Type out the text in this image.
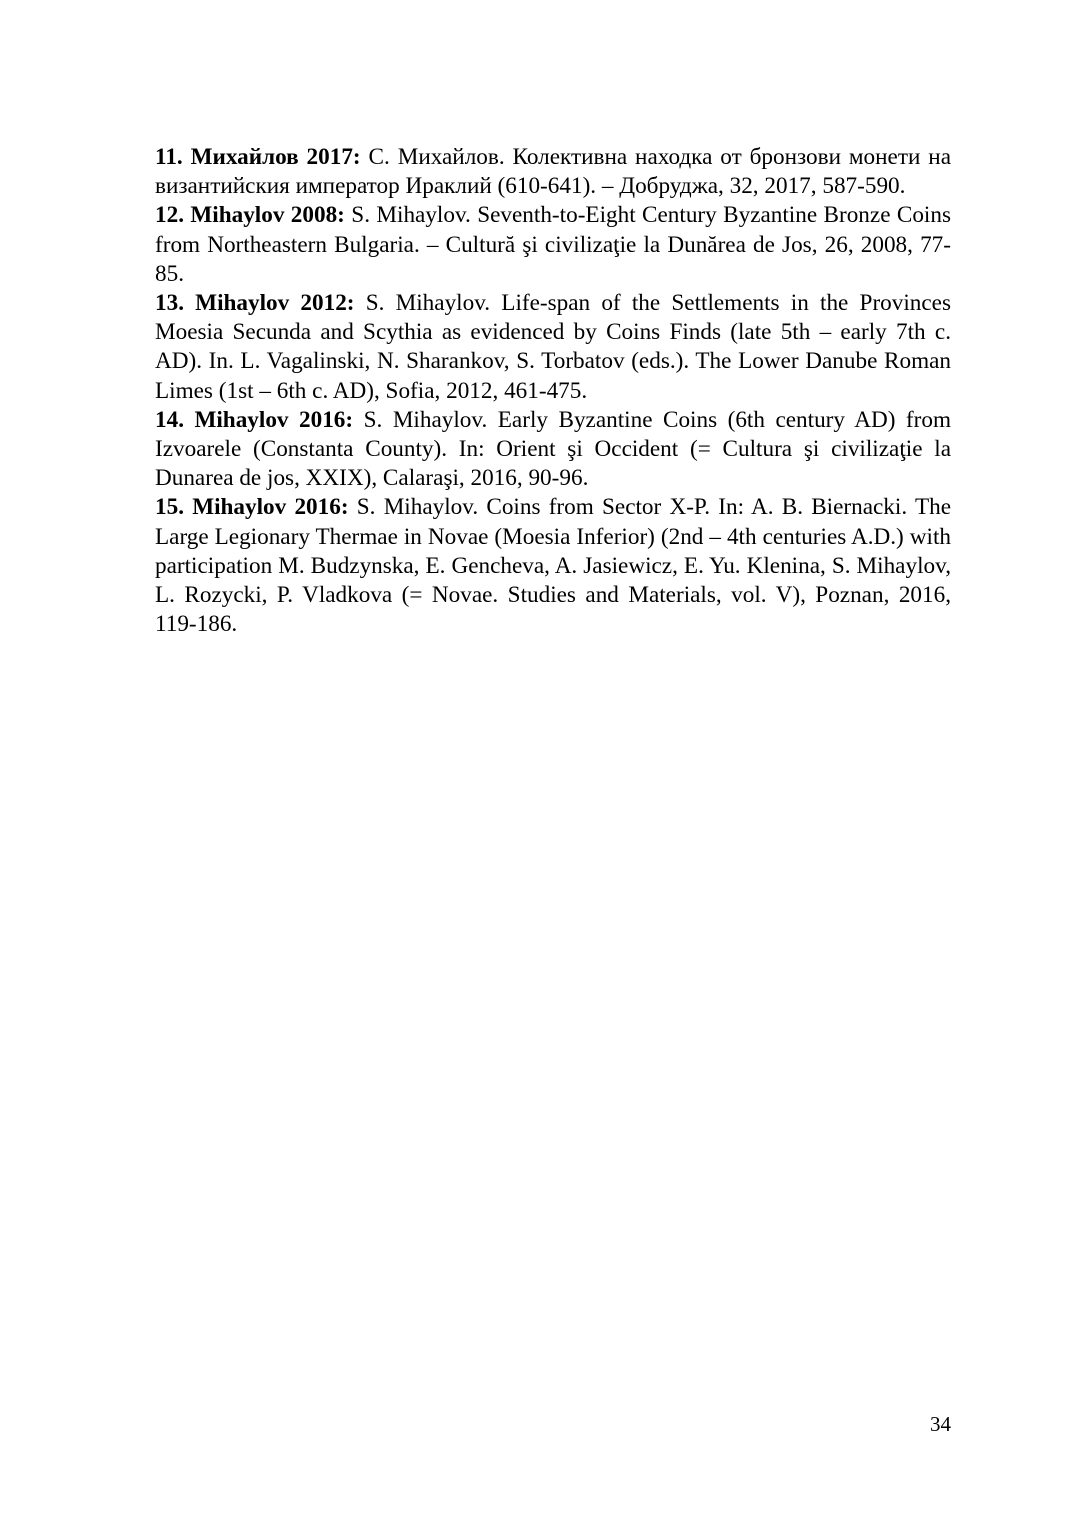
11. Михайлов 2017: С. Михайлов. Колективна находка от бронзови монети на византийския император Ираклий (610-641). – Добруджа, 32, 2017, 587-590.
12. Mihaylov 2008: S. Mihaylov. Seventh-to-Eight Century Byzantine Bronze Coins from Northeastern Bulgaria. – Cultură şi civilizaţie la Dunărea de Jos, 26, 2008, 77-85.
13. Mihaylov 2012: S. Mihaylov. Life-span of the Settlements in the Provinces Moesia Secunda and Scythia as evidenced by Coins Finds (late 5th – early 7th c. AD). In. L. Vagalinski, N. Sharankov, S. Torbatov (eds.). The Lower Danube Roman Limes (1st – 6th c. AD), Sofia, 2012, 461-475.
14. Mihaylov 2016: S. Mihaylov. Early Byzantine Coins (6th century AD) from Izvoarele (Constanta County). In: Orient şi Occident (= Cultura şi civilizaţie la Dunarea de jos, XXIX), Calaraşi, 2016, 90-96.
15. Mihaylov 2016: S. Mihaylov. Coins from Sector X-P. In: A. B. Biernacki. The Large Legionary Thermae in Novae (Moesia Inferior) (2nd – 4th centuries A.D.) with participation M. Budzynska, E. Gencheva, A. Jasiewicz, E. Yu. Klenina, S. Mihaylov, L. Rozycki, P. Vladkova (= Novae. Studies and Materials, vol. V), Poznan, 2016, 119-186.
34
